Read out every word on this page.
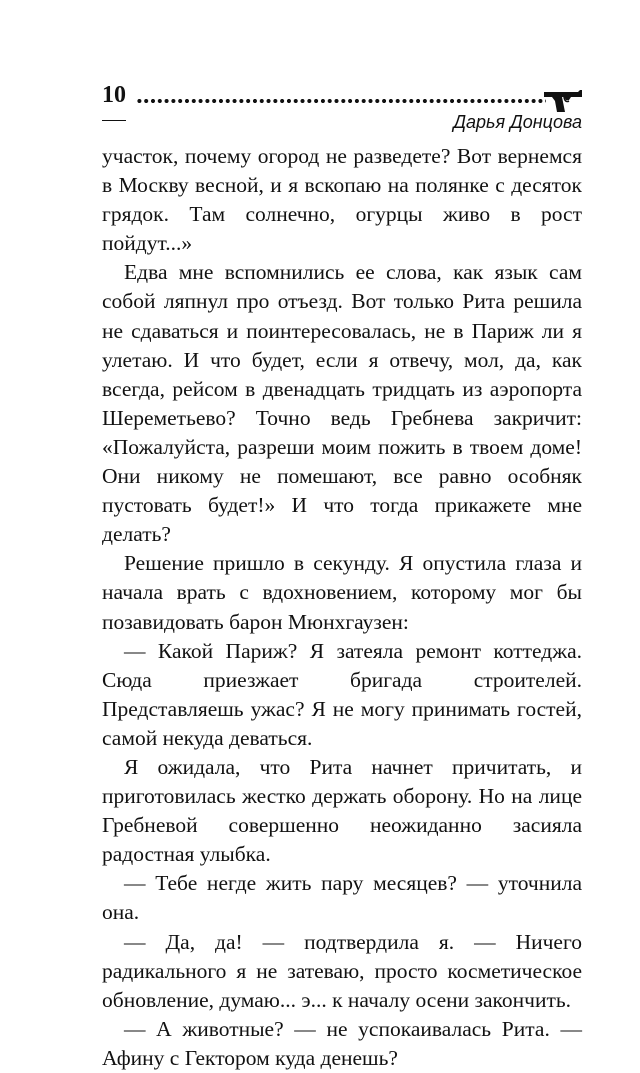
10
Дарья Донцова

участок, почему огород не разведете? Вот вернемся в Москву весной, и я вскопаю на полянке с десяток грядок. Там солнечно, огурцы живо в рост пойдут...»

Едва мне вспомнились ее слова, как язык сам собой ляпнул про отъезд. Вот только Рита решила не сдаваться и поинтересовалась, не в Париж ли я улетаю. И что будет, если я отвечу, мол, да, как всегда, рейсом в двенадцать тридцать из аэропорта Шереметьево? Точно ведь Гребнева закричит: «Пожалуйста, разреши моим пожить в твоем доме! Они никому не помешают, все равно особняк пустовать будет!» И что тогда прикажете мне делать?

Решение пришло в секунду. Я опустила глаза и начала врать с вдохновением, которому мог бы позавидовать барон Мюнхгаузен:

— Какой Париж? Я затеяла ремонт коттеджа. Сюда приезжает бригада строителей. Представляешь ужас? Я не могу принимать гостей, самой некуда деваться.

Я ожидала, что Рита начнет причитать, и приготовилась жестко держать оборону. Но на лице Гребневой совершенно неожиданно засияла радостная улыбка.

— Тебе негде жить пару месяцев? — уточнила она.

— Да, да! — подтвердила я. — Ничего радикального я не затеваю, просто косметическое обновление, думаю... э... к началу осени закончить.

— А животные? — не успокаивалась Рита. — Афину с Гектором куда денешь?
